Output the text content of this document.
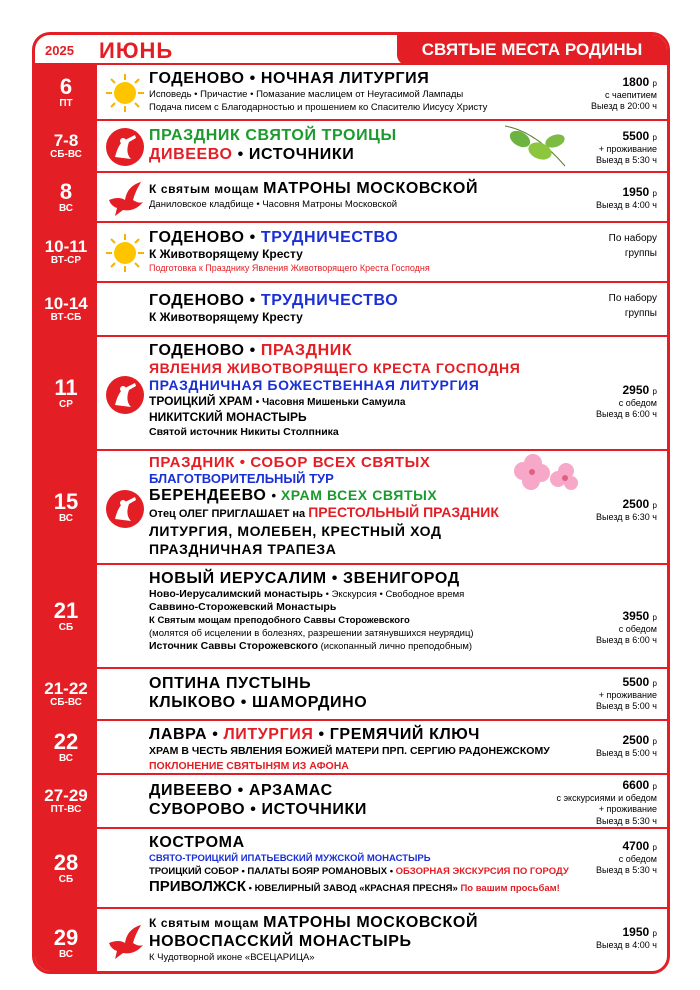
2025 ИЮНЬ	СВЯТЫЕ МЕСТА РОДИНЫ
6
ПТ
ГОДЕНОВО • НОЧНАЯ ЛИТУРГИЯ
Исповедь • Причастие • Помазание маслицем от Неугасимой Лампады
Подача писем с Благодарностью и прошением ко Спасителю Иисусу Христу
1800 р
с чаепитием
Выезд в 20:00 ч
7-8
СБ-ВС
ПРАЗДНИК СВЯТОЙ ТРОИЦЫ
ДИВЕЕВО • ИСТОЧНИКИ
5500 р
+ проживание
Выезд в 5:30 ч
8
ВС
К святым мощам МАТРОНЫ МОСКОВСКОЙ
Даниловское кладбище • Часовня Матроны Московской
1950 р
Выезд в 4:00 ч
10-11
ВТ-СР
ГОДЕНОВО • ТРУДНИЧЕСТВО
К Животворящему Кресту
Подготовка к Празднику Явления Животворящего Креста Господня
По набору
группы
10-14
ВТ-СБ
ГОДЕНОВО • ТРУДНИЧЕСТВО
К Животворящему Кресту
По набору
группы
11
СР
ГОДЕНОВО • ПРАЗДНИК
ЯВЛЕНИЯ ЖИВОТВОРЯЩЕГО КРЕСТА ГОСПОДНЯ
ПРАЗДНИЧНАЯ БОЖЕСТВЕННАЯ ЛИТУРГИЯ
ТРОИЦКИЙ ХРАМ • Часовня Мишеньки Самуила
НИКИТСКИЙ МОНАСТЫРЬ
Святой источник Никиты Столпника
2950 р
с обедом
Выезд в 6:00 ч
15
ВС
ПРАЗДНИК • СОБОР ВСЕХ СВЯТЫХ
БЛАГОТВОРИТЕЛЬНЫЙ ТУР
БЕРЕНДЕЕВО • ХРАМ ВСЕХ СВЯТЫХ
Отец ОЛЕГ ПРИГЛАШАЕТ на ПРЕСТОЛЬНЫЙ ПРАЗДНИК
ЛИТУРГИЯ, МОЛЕБЕН, КРЕСТНЫЙ ХОД
ПРАЗДНИЧНАЯ ТРАПЕЗА
2500 р
Выезд в 6:30 ч
21
СБ
НОВЫЙ ИЕРУСАЛИМ • ЗВЕНИГОРОД
Ново-Иерусалимский монастырь • Экскурсия • Свободное время
Саввино-Сторожевский Монастырь
К Святым мощам преподобного Саввы Сторожевского
(молятся об исцелении в болезнях, разрешении затянувшихся неурядиц)
Источник Саввы Сторожевского (ископанный лично преподобным)
3950 р
с обедом
Выезд в 6:00 ч
21-22
СБ-ВС
ОПТИНА ПУСТЫНЬ
КЛЫКОВО • ШАМОРДИНО
5500 р
+ проживание
Выезд в 5:00 ч
22
ВС
ЛАВРА • ЛИТУРГИЯ • ГРЕМЯЧИЙ КЛЮЧ
ХРАМ В ЧЕСТЬ ЯВЛЕНИЯ БОЖИЕЙ МАТЕРИ ПРП. СЕРГИЮ РАДОНЕЖСКОМУ
ПОКЛОНЕНИЕ СВЯТЫНЯМ ИЗ АФОНА
2500 р
Выезд в 5:00 ч
27-29
ПТ-ВС
ДИВЕЕВО • АРЗАМАС
СУВОРОВО • ИСТОЧНИКИ
6600 р
с экскурсиями и обедом
+ проживание
Выезд в 5:30 ч
28
СБ
КОСТРОМА
СВЯТО-ТРОИЦКИЙ ИПАТЬЕВСКИЙ МУЖСКОЙ МОНАСТЫРЬ
ТРОИЦКИЙ СОБОР • ПАЛАТЫ БОЯР РОМАНОВЫХ • ОБЗОРНАЯ ЭКСКУРСИЯ ПО ГОРОДУ
ПРИВОЛЖСК • ЮВЕЛИРНЫЙ ЗАВОД «КРАСНАЯ ПРЕСНЯ» По вашим просьбам!
4700 р
с обедом
Выезд в 5:30 ч
29
ВС
К святым мощам МАТРОНЫ МОСКОВСКОЙ
НОВОСПАССКИЙ МОНАСТЫРЬ
К Чудотворной иконе «ВСЕЦАРИЦА»
1950 р
Выезд в 4:00 ч
